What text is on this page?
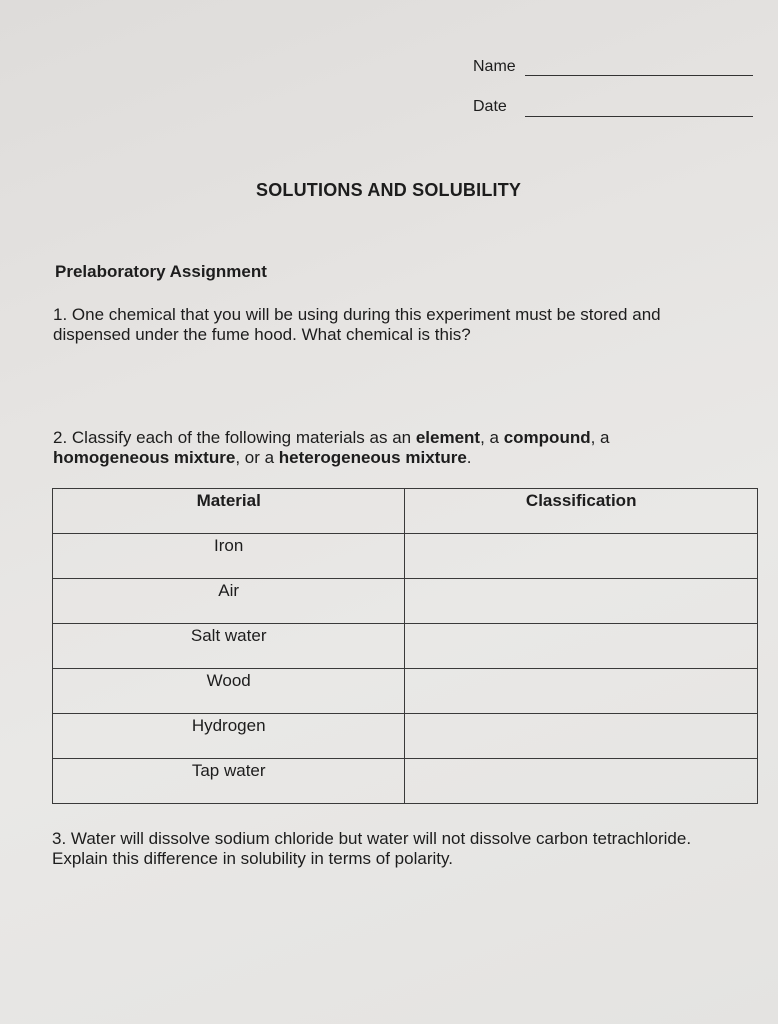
Name
Date
SOLUTIONS AND SOLUBILITY
Prelaboratory Assignment
1. One chemical that you will be using during this experiment must be stored and
dispensed under the fume hood. What chemical is this?
2. Classify each of the following materials as an element, a compound, a
homogeneous mixture, or a heterogeneous mixture.
Material	Classification
Iron	
Air	
Salt water	
Wood	
Hydrogen	
Tap water	
3. Water will dissolve sodium chloride but water will not dissolve carbon tetrachloride.
Explain this difference in solubility in terms of polarity.
